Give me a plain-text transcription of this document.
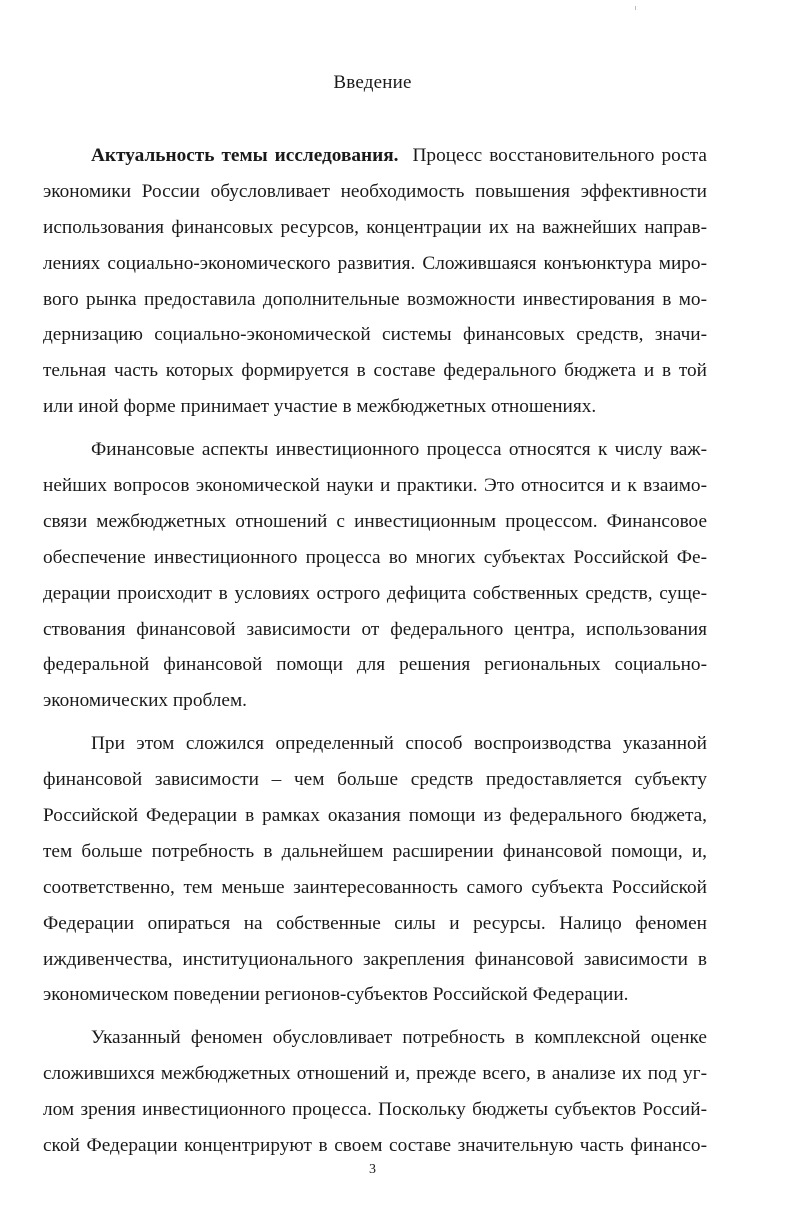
Введение
Актуальность темы исследования. Процесс восстановительного роста
экономики России обусловливает необходимость повышения эффективности
использования финансовых ресурсов, концентрации их на важнейших направ-
лениях социально-экономического развития. Сложившаяся конъюнктура миро-
вого рынка предоставила дополнительные возможности инвестирования в мо-
дернизацию социально-экономической системы финансовых средств, значи-
тельная часть которых формируется в составе федерального бюджета и в той
или иной форме принимает участие в межбюджетных отношениях.
Финансовые аспекты инвестиционного процесса относятся к числу важ-
нейших вопросов экономической науки и практики. Это относится и к взаимо-
связи межбюджетных отношений с инвестиционным процессом. Финансовое
обеспечение инвестиционного процесса во многих субъектах Российской Фе-
дерации происходит в условиях острого дефицита собственных средств, суще-
ствования финансовой зависимости от федерального центра, использования
федеральной финансовой помощи для решения региональных социально-
экономических проблем.
При этом сложился определенный способ воспроизводства указанной
финансовой зависимости – чем больше средств предоставляется субъекту
Российской Федерации в рамках оказания помощи из федерального бюджета,
тем больше потребность в дальнейшем расширении финансовой помощи, и,
соответственно, тем меньше заинтересованность самого субъекта Российской
Федерации опираться на собственные силы и ресурсы. Налицо феномен
иждивенчества, институционального закрепления финансовой зависимости в
экономическом поведении регионов-субъектов Российской Федерации.
Указанный феномен обусловливает потребность в комплексной оценке
сложившихся межбюджетных отношений и, прежде всего, в анализе их под уг-
лом зрения инвестиционного процесса. Поскольку бюджеты субъектов Россий-
ской Федерации концентрируют в своем составе значительную часть финансо-
3
